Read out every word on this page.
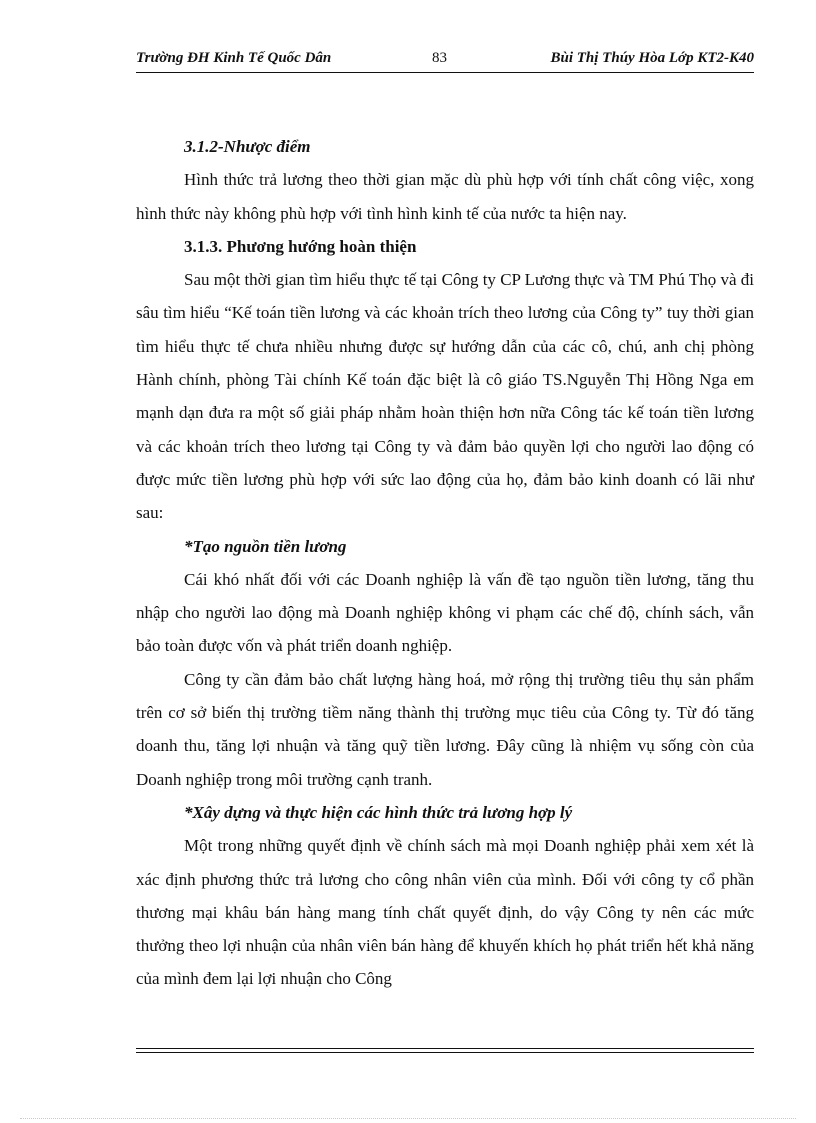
Trường ĐH Kinh Tế Quốc Dân	83	Bùi Thị Thúy Hòa Lớp KT2-K40
3.1.2-Nhược điểm

Hình thức trả lương theo thời gian mặc dù phù hợp với tính chất công việc, xong hình thức này không phù hợp với tình hình kinh tế của nước ta hiện nay.

3.1.3. Phương hướng hoàn thiện

Sau một thời gian tìm hiểu thực tế tại Công ty CP Lương thực và TM Phú Thọ và đi sâu tìm hiểu “Kế toán tiền lương và các khoản trích theo lương của Công ty” tuy thời gian tìm hiểu thực tế chưa nhiều nhưng được sự hướng dẫn của các cô, chú, anh chị phòng Hành chính, phòng Tài chính Kế toán đặc biệt là cô giáo TS.Nguyễn Thị Hồng Nga em mạnh dạn đưa ra một số giải pháp nhằm hoàn thiện hơn nữa Công tác kế toán tiền lương và các khoản trích theo lương tại Công ty và đảm bảo quyền lợi cho người lao động có được mức tiền lương phù hợp với sức lao động của họ, đảm bảo kinh doanh có lãi như sau:

*Tạo nguồn tiền lương

Cái khó nhất đối với các Doanh nghiệp là vấn đề tạo nguồn tiền lương, tăng thu nhập cho người lao động mà Doanh nghiệp không vi phạm các chế độ, chính sách, vẫn bảo toàn được vốn và phát triển doanh nghiệp.

Công ty cần đảm bảo chất lượng hàng hoá, mở rộng thị trường tiêu thụ sản phẩm trên cơ sở biến thị trường tiềm năng thành thị trường mục tiêu của Công ty. Từ đó tăng doanh thu, tăng lợi nhuận và tăng quỹ tiền lương. Đây cũng là nhiệm vụ sống còn của Doanh nghiệp trong môi trường cạnh tranh.

*Xây dựng và thực hiện các hình thức trả lương hợp lý

Một trong những quyết định về chính sách mà mọi Doanh nghiệp phải xem xét là xác định phương thức trả lương cho công nhân viên của mình. Đối với công ty cổ phần thương mại khâu bán hàng mang tính chất quyết định, do vậy Công ty nên các mức thưởng theo lợi nhuận của nhân viên bán hàng để khuyến khích họ phát triển hết khả năng của mình đem lại lợi nhuận cho Công
